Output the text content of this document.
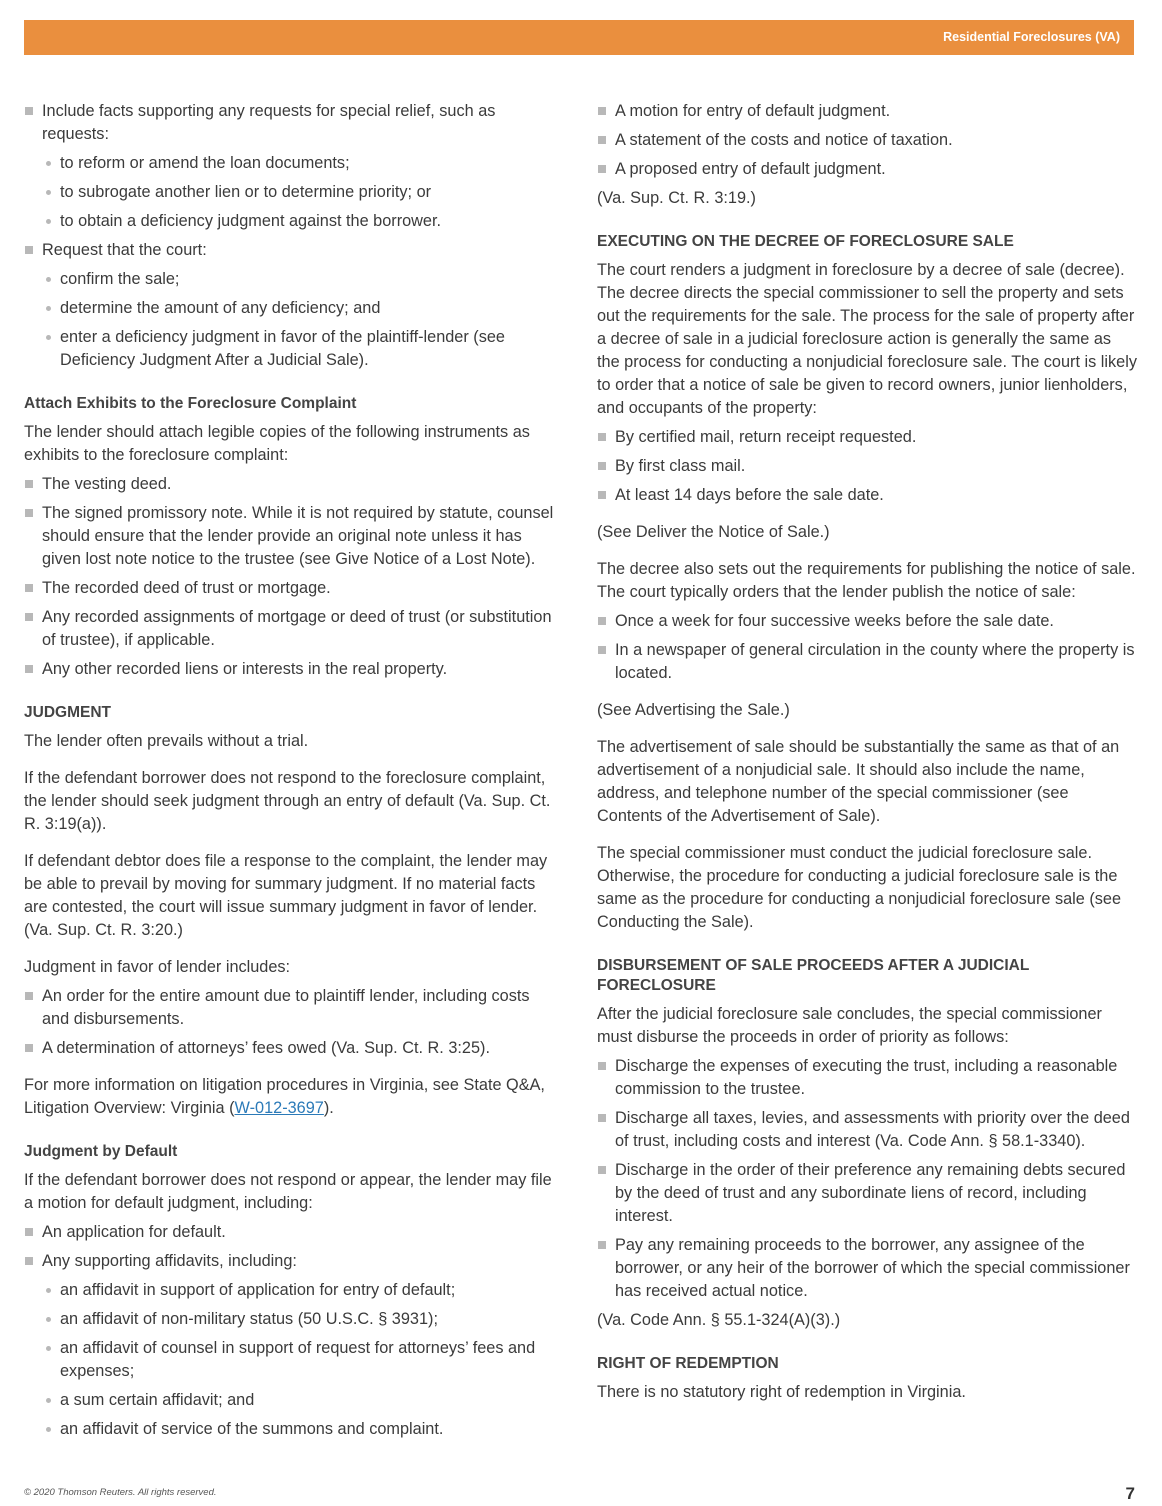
Residential Foreclosures (VA)
Include facts supporting any requests for special relief, such as requests:
to reform or amend the loan documents;
to subrogate another lien or to determine priority; or
to obtain a deficiency judgment against the borrower.
Request that the court:
confirm the sale;
determine the amount of any deficiency; and
enter a deficiency judgment in favor of the plaintiff-lender (see Deficiency Judgment After a Judicial Sale).
Attach Exhibits to the Foreclosure Complaint

The lender should attach legible copies of the following instruments as exhibits to the foreclosure complaint:

The vesting deed.
The signed promissory note. While it is not required by statute, counsel should ensure that the lender provide an original note unless it has given lost note notice to the trustee (see Give Notice of a Lost Note).
The recorded deed of trust or mortgage.
Any recorded assignments of mortgage or deed of trust (or substitution of trustee), if applicable.
Any other recorded liens or interests in the real property.
JUDGMENT

The lender often prevails without a trial.

If the defendant borrower does not respond to the foreclosure complaint, the lender should seek judgment through an entry of default (Va. Sup. Ct. R. 3:19(a)).

If defendant debtor does file a response to the complaint, the lender may be able to prevail by moving for summary judgment. If no material facts are contested, the court will issue summary judgment in favor of lender. (Va. Sup. Ct. R. 3:20.)

Judgment in favor of lender includes:

An order for the entire amount due to plaintiff lender, including costs and disbursements.
A determination of attorneys’ fees owed (Va. Sup. Ct. R. 3:25).

For more information on litigation procedures in Virginia, see State Q&A, Litigation Overview: Virginia (W-012-3697).

Judgment by Default

If the defendant borrower does not respond or appear, the lender may file a motion for default judgment, including:

An application for default.
Any supporting affidavits, including:
an affidavit in support of application for entry of default;
an affidavit of non-military status (50 U.S.C. § 3931);
an affidavit of counsel in support of request for attorneys’ fees and expenses;
a sum certain affidavit; and
an affidavit of service of the summons and complaint.
A motion for entry of default judgment.
A statement of the costs and notice of taxation.
A proposed entry of default judgment.

(Va. Sup. Ct. R. 3:19.)

EXECUTING ON THE DECREE OF FORECLOSURE SALE

The court renders a judgment in foreclosure by a decree of sale (decree). The decree directs the special commissioner to sell the property and sets out the requirements for the sale. The process for the sale of property after a decree of sale in a judicial foreclosure action is generally the same as the process for conducting a nonjudicial foreclosure sale. The court is likely to order that a notice of sale be given to record owners, junior lienholders, and occupants of the property:

By certified mail, return receipt requested.
By first class mail.
At least 14 days before the sale date.

(See Deliver the Notice of Sale.)

The decree also sets out the requirements for publishing the notice of sale. The court typically orders that the lender publish the notice of sale:

Once a week for four successive weeks before the sale date.
In a newspaper of general circulation in the county where the property is located.

(See Advertising the Sale.)

The advertisement of sale should be substantially the same as that of an advertisement of a nonjudicial sale. It should also include the name, address, and telephone number of the special commissioner (see Contents of the Advertisement of Sale).

The special commissioner must conduct the judicial foreclosure sale. Otherwise, the procedure for conducting a judicial foreclosure sale is the same as the procedure for conducting a nonjudicial foreclosure sale (see Conducting the Sale).

DISBURSEMENT OF SALE PROCEEDS AFTER A JUDICIAL FORECLOSURE

After the judicial foreclosure sale concludes, the special commissioner must disburse the proceeds in order of priority as follows:

Discharge the expenses of executing the trust, including a reasonable commission to the trustee.
Discharge all taxes, levies, and assessments with priority over the deed of trust, including costs and interest (Va. Code Ann. § 58.1-3340).
Discharge in the order of their preference any remaining debts secured by the deed of trust and any subordinate liens of record, including interest.
Pay any remaining proceeds to the borrower, any assignee of the borrower, or any heir of the borrower of which the special commissioner has received actual notice.

(Va. Code Ann. § 55.1-324(A)(3).)

RIGHT OF REDEMPTION

There is no statutory right of redemption in Virginia.

© 2020 Thomson Reuters. All rights reserved.	7
